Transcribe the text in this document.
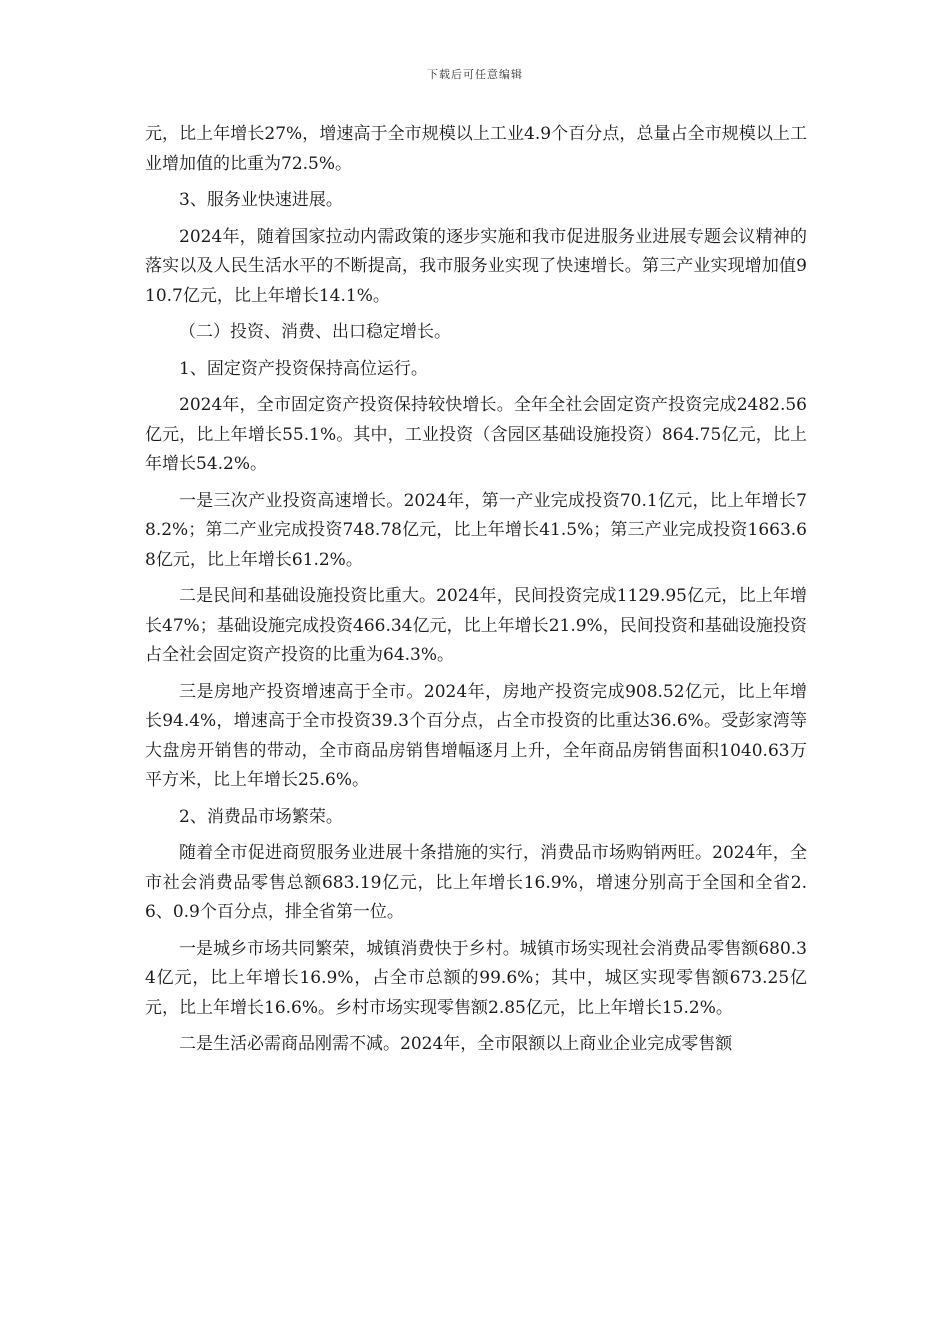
下载后可任意编辑

元，比上年增长27%，增速高于全市规模以上工业4.9个百分点，总量占全市规模以上工业增加值的比重为72.5%。

3、服务业快速进展。

2024年，随着国家拉动内需政策的逐步实施和我市促进服务业进展专题会议精神的落实以及人民生活水平的不断提高，我市服务业实现了快速增长。第三产业实现增加值910.7亿元，比上年增长14.1%。

（二）投资、消费、出口稳定增长。

1、固定资产投资保持高位运行。

2024年，全市固定资产投资保持较快增长。全年全社会固定资产投资完成2482.56亿元，比上年增长55.1%。其中，工业投资（含园区基础设施投资）864.75亿元，比上年增长54.2%。

一是三次产业投资高速增长。2024年，第一产业完成投资70.1亿元，比上年增长78.2%；第二产业完成投资748.78亿元，比上年增长41.5%；第三产业完成投资1663.68亿元，比上年增长61.2%。

二是民间和基础设施投资比重大。2024年，民间投资完成1129.95亿元，比上年增长47%；基础设施完成投资466.34亿元，比上年增长21.9%，民间投资和基础设施投资占全社会固定资产投资的比重为64.3%。

三是房地产投资增速高于全市。2024年，房地产投资完成908.52亿元，比上年增长94.4%，增速高于全市投资39.3个百分点，占全市投资的比重达36.6%。受彭家湾等大盘房开销售的带动，全市商品房销售增幅逐月上升，全年商品房销售面积1040.63万平方米，比上年增长25.6%。

2、消费品市场繁荣。

随着全市促进商贸服务业进展十条措施的实行，消费品市场购销两旺。2024年，全市社会消费品零售总额683.19亿元，比上年增长16.9%，增速分别高于全国和全省2.6、0.9个百分点，排全省第一位。

一是城乡市场共同繁荣，城镇消费快于乡村。城镇市场实现社会消费品零售额680.34亿元，比上年增长16.9%，占全市总额的99.6%；其中，城区实现零售额673.25亿元，比上年增长16.6%。乡村市场实现零售额2.85亿元，比上年增长15.2%。

二是生活必需商品刚需不减。2024年，全市限额以上商业企业完成零售额
